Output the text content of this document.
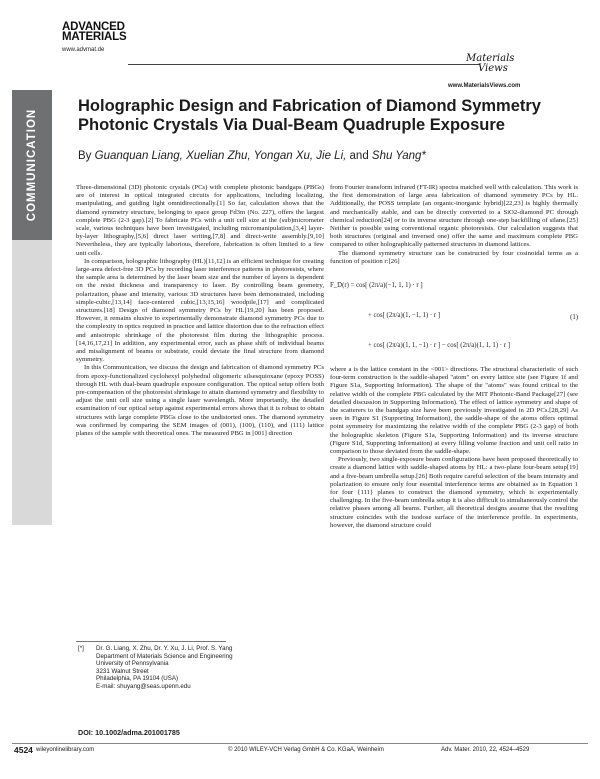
COMMUNICATION
ADVANCED
MATERIALS
www.advmat.de
Materials
Views
www.MaterialsViews.com
Holographic Design and Fabrication of Diamond Symmetry Photonic Crystals Via Dual-Beam Quadruple Exposure
By Guanquan Liang, Xuelian Zhu, Yongan Xu, Jie Li, and Shu Yang*

Three-dimensional (3D) photonic crystals (PCs) with complete photonic bandgaps (PBGs) are of interest in optical integrated circuits for applications, including localizing, manipulating, and guiding light omnidirectionally.[1] So far, calculation shows that the diamond symmetry structure, belonging to space group Fd3m (No. 227), offers the largest complete PBG (2-3 gap).[2] To fabricate PCs with a unit cell size at the (sub)micrometer scale, various techniques have been investigated, including micromanipulation,[3,4] layer-by-layer lithography,[5,6] direct laser writing,[7,8] and direct-write assembly.[9,10] Nevertheless, they are typically laborious, therefore, fabrication is often limited to a few unit cells.

In comparison, holographic lithography (HL)[11,12] is an efficient technique for creating large-area defect-free 3D PCs by recording laser interference patterns in photoresists, where the sample area is determined by the laser beam size and the number of layers is dependent on the resist thickness and transparency to laser. By controlling beam geometry, polarization, phase and intensity, various 3D structures have been demonstrated, including simple-cubic,[13,14] face-centered cubic,[13,15,16] woodpile,[17] and complicated structures.[18] Design of diamond symmetry PCs by HL[19,20] has been proposed. However, it remains elusive to experimentally demonstrate diamond symmetry PCs due to the complexity in optics required in practice and lattice distortion due to the refraction effect and anisotropic shrinkage of the photoresist film during the lithographic process.[14,16,17,21] In addition, any experimental error, such as phase shift of individual beams and misalignment of beams or substrate, could deviate the final structure from diamond symmetry.

In this Communication, we discuss the design and fabrication of diamond symmetry PCs from epoxy-functionalized cyclohexyl polyhedral oligomeric silsesquioxane (epoxy POSS) through HL with dual-beam quadruple exposure configuration. The optical setup offers both pre-compensation of the photoresist shrinkage to attain diamond symmetry and flexibility to adjust the unit cell size using a single laser wavelength. More importantly, the detailed examination of our optical setup against experimental errors shows that it is robust to obtain structures with large complete PBGs close to the undistorted ones. The diamond symmetry was confirmed by comparing the SEM images of (001), (100), (110), and (111) lattice planes of the sample with theoretical ones. The measured PBG in [001] direction

from Fourier transform infrared (FT-IR) spectra matched well with calculation. This work is the first demonstration of large area fabrication of diamond symmetry PCs by HL. Additionally, the POSS template (an organic-inorganic hybrid)[22,23] is highly thermally and mechanically stable, and can be directly converted to a SiO2-diamond PC through chemical reduction[24] or to its inverse structure through one-step backfilling of silane.[25] Neither is possible using conventional organic photoresists. Our calculation suggests that both structures (original and inversed one) offer the same and maximum complete PBG compared to other holographically patterned structures in diamond lattices.

The diamond symmetry structure can be constructed by four cosinoidal terms as a function of position r:[26]

F_D(r) = cos[ (2π/a)(−1, 1, 1) · r ]
+ cos[ (2π/a)(1, −1, 1) · r ]
+ cos[ (2π/a)(1, 1, −1) · r ] − cos[ (2π/a)(1, 1, 1) · r ]
(1)

where a is the lattice constant in the <001> directions. The structural characteristic of such four-term construction is the saddle-shaped "atom" on every lattice site (see Figure 1f and Figure S1a, Supporting Information). The shape of the "atoms" was found critical to the relative width of the complete PBG calculated by the MIT Photonic-Band Package[27] (see detailed discussion in Supporting Information). The effect of lattice symmetry and shape of the scatterers to the bandgap size have been previously investigated in 2D PCs.[28,29] As seen in Figure S1 (Supporting Information), the saddle-shape of the atoms offers optimal point symmetry for maximizing the relative width of the complete PBG (2-3 gap) of both the holographic skeleton (Figure S1a, Supporting Information) and its inverse structure (Figure S1d, Supporting Information) at every filling volume fraction and unit cell ratio in comparison to those deviated from the saddle-shape.

Previously, two single-exposure beam configurations have been proposed theoretically to create a diamond lattice with saddle-shaped atoms by HL: a two-plane four-beam setup[19] and a five-beam umbrella setup.[26] Both require careful selection of the beam intensity and polarization to ensure only four essential interference terms are obtained as in Equation 1 for four {111} planes to construct the diamond symmetry, which is experimentally challenging. In the five-beam umbrella setup it is also difficult to simultaneously control the relative phases among all beams. Further, all theoretical designs assume that the resulting structure coincides with the isodose surface of the interference profile. In experiments, however, the diamond structure could

[*] Dr. G. Liang, X. Zhu, Dr. Y. Xu, J. Li, Prof. S. Yang
Department of Materials Science and Engineering
University of Pennsylvania
3231 Walnut Street
Philadelphia, PA 19104 (USA)
E-mail: shuyang@seas.upenn.edu
DOI: 10.1002/adma.201001785
4524 wileyonlinelibrary.com	© 2010 WILEY-VCH Verlag GmbH & Co. KGaA, Weinheim	Adv. Mater. 2010, 22, 4524–4529
